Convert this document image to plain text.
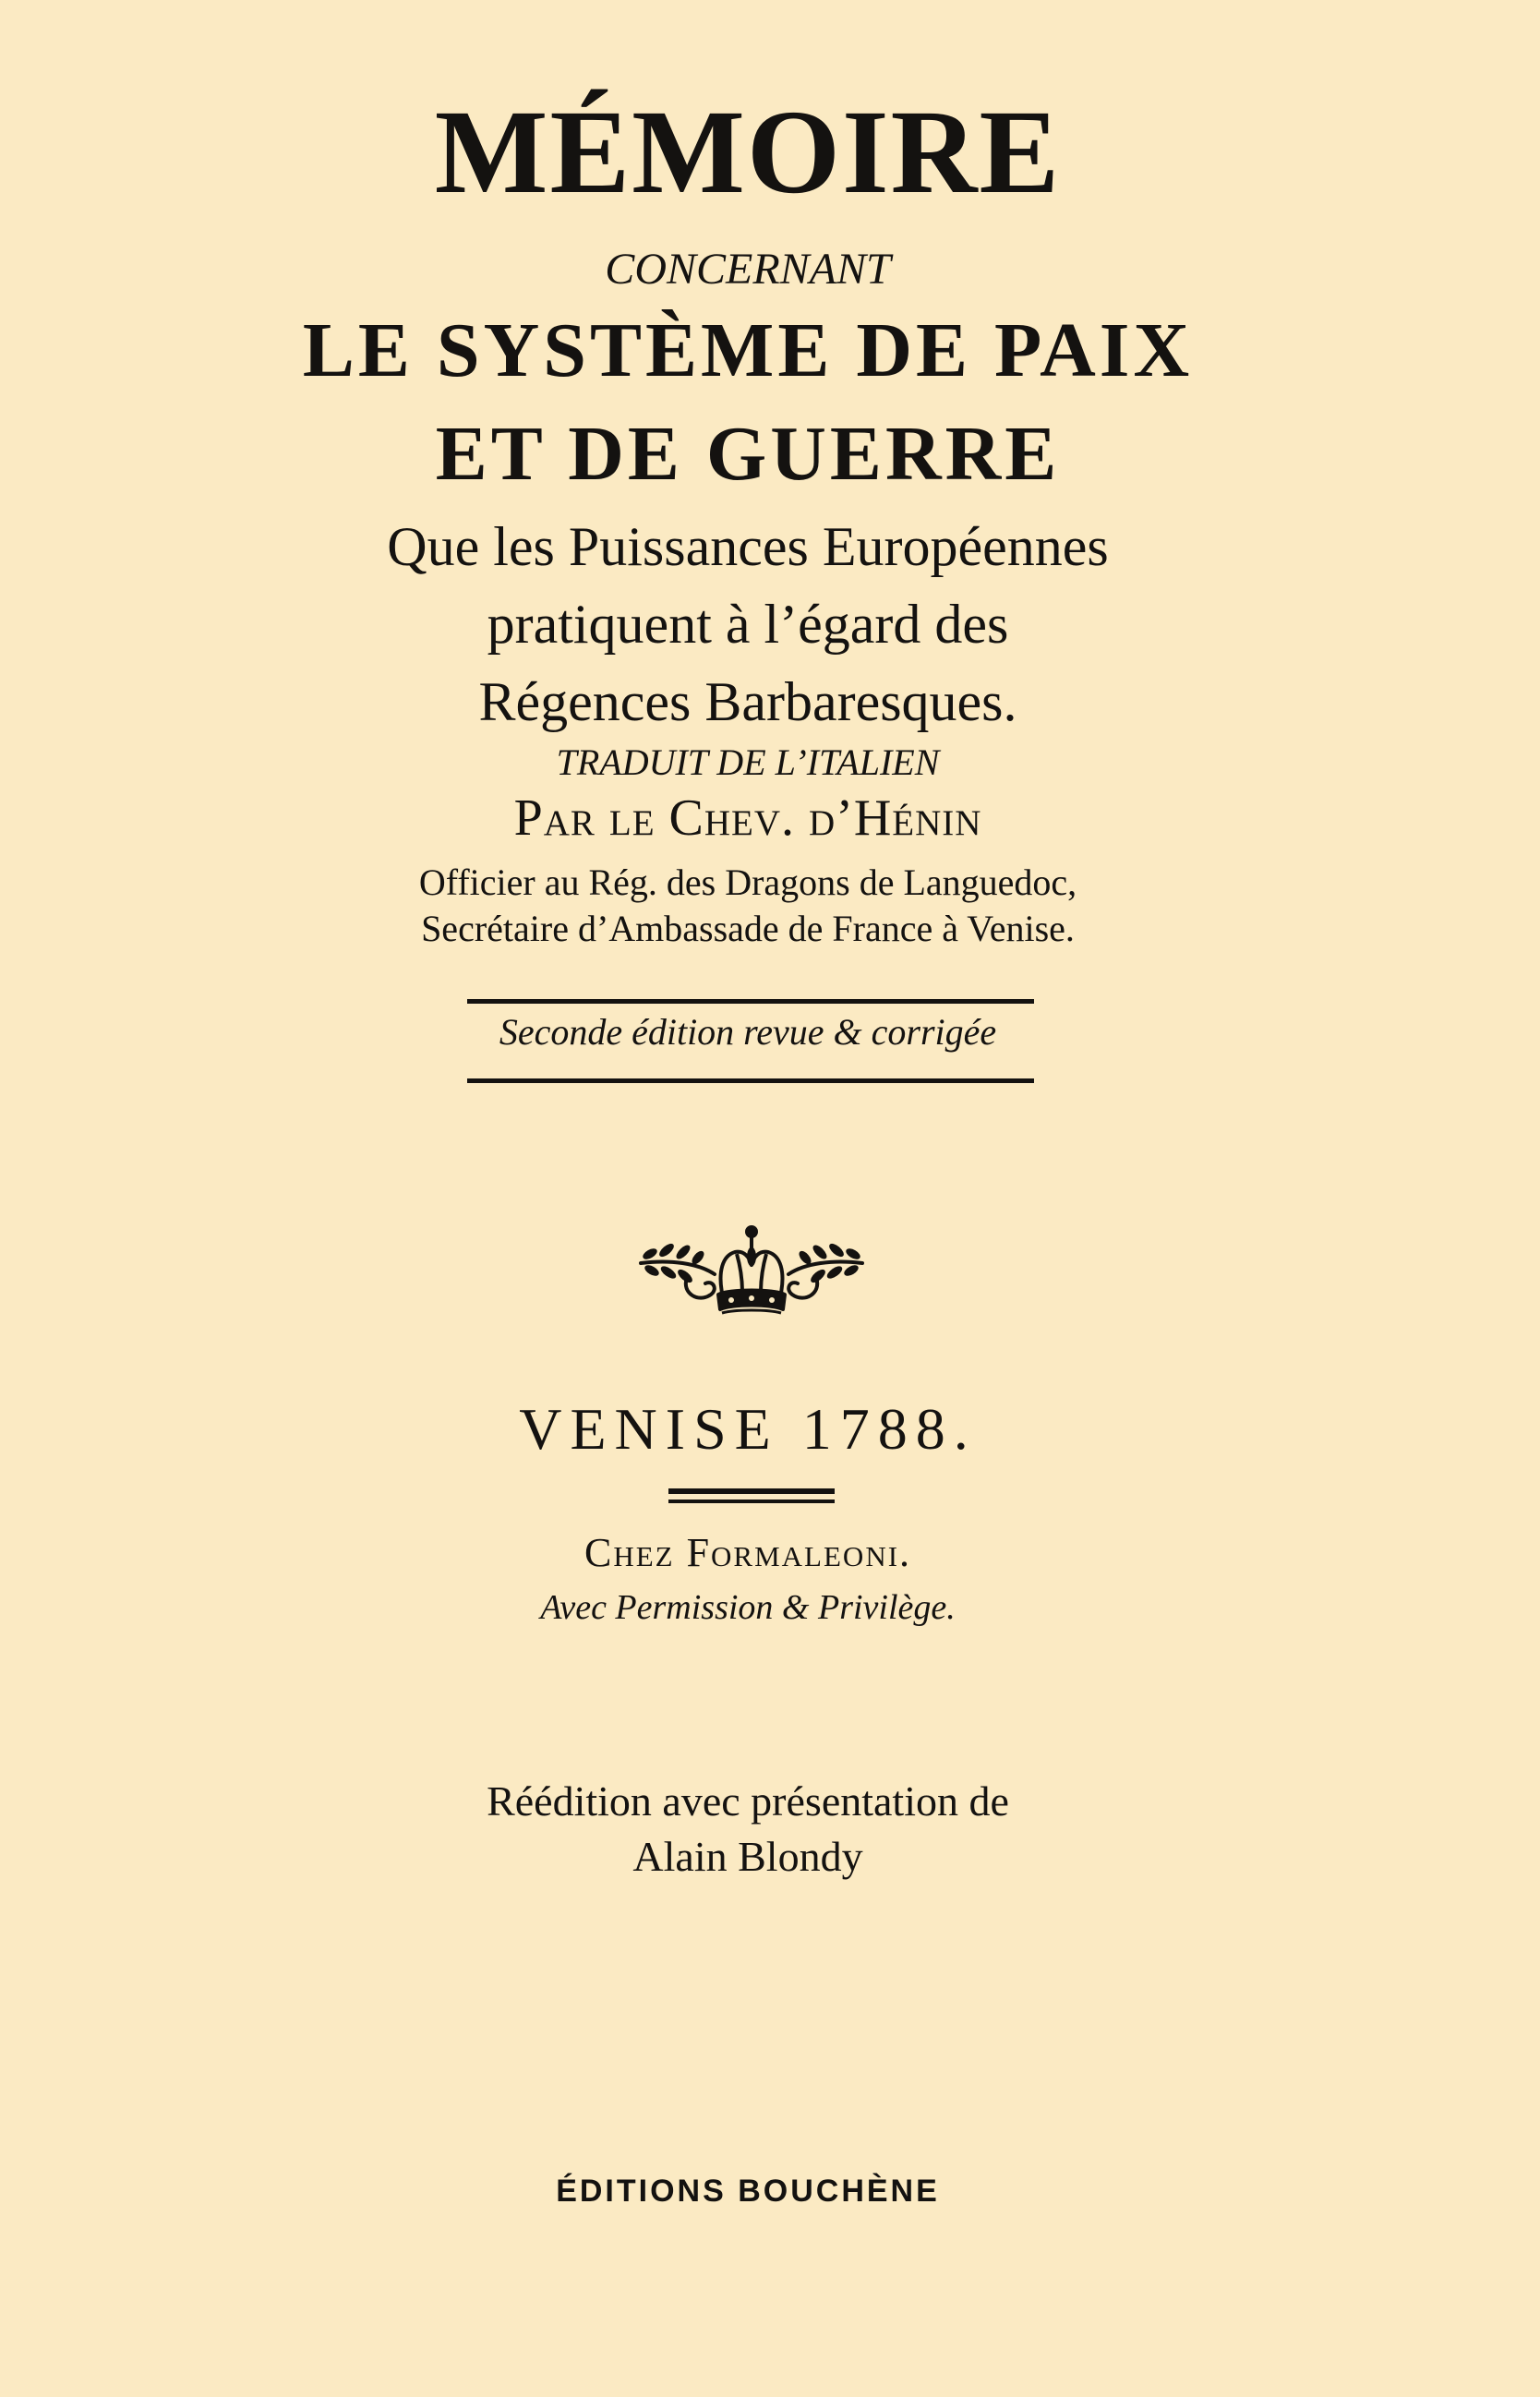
MÉMOIRE
CONCERNANT
LE SYSTÈME DE PAIX
ET DE GUERRE
Que les Puissances Européennes
pratiquent à l’égard des
Régences Barbaresques.
TRADUIT DE L’ITALIEN
Par le Chev. d’Hénin
Officier au Rég. des Dragons de Languedoc,
Secrétaire d’Ambassade de France à Venise.
Seconde édition revue & corrigée
VENISE 1788.
Chez Formaleoni.
Avec Permission & Privilège.
Réédition avec présentation de
Alain Blondy
ÉDITIONS BOUCHÈNE
